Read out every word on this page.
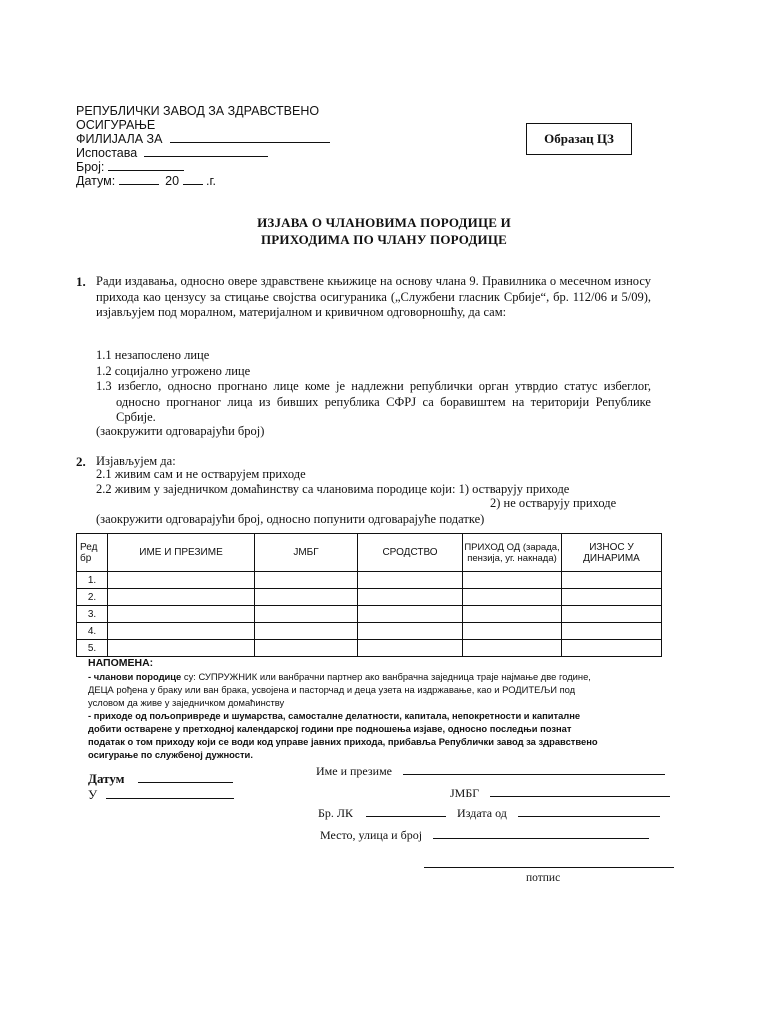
РЕПУБЛИЧКИ ЗАВОД ЗА ЗДРАВСТВЕНО
ОСИГУРАЊЕ
ФИЛИЈАЛА ЗА
Испостава
Број:
Датум:	20 .г.
Образац ЦЗ
ИЗЈАВА О ЧЛАНОВИМА ПОРОДИЦЕ И
ПРИХОДИМА ПО ЧЛАНУ ПОРОДИЦЕ
1. Ради издавања, односно овере здравствене књижице на основу члана 9. Правилника о месечном износу прихода као цензусу за стицање својства осигураника („Службени гласник Србије“, бр. 112/06 и 5/09), изјављујем под моралном, материјалном и кривичном одговорношћу, да сам:
1.1 незапослено лице
1.2 социјално угрожено лице
1.3 избегло, односно прогнано лице коме је надлежни републички орган утврдио статус избеглог, односно прогнаног лица из бивших република СФРЈ са боравиштем на територији Републике Србије.
(заокружити одговарајући број)
2. Изјављујем да:
2.1 живим сам и не остварујем приходе
2.2 живим у заједничком домаћинству са члановима породице који: 1) остварују приходе
2) не остварују приходе
(заокружити одговарајући број, односно попунити одговарајуће податке)
Ред бр	ИМЕ И ПРЕЗИМЕ	ЈМБГ	СРОДСТВО	ПРИХОД ОД (зарада, пензија, уг. накнада)	ИЗНОС У ДИНАРИМА
1.					
2.					
3.					
4.					
5.					
НАПОМЕНА:
- чланови породице су: СУПРУЖНИК или ванбрачни партнер ако ванбрачна заједница траје најмање две године,
ДЕЦА рођена у браку или ван брака, усвојена и пасторчад и деца узета на издржавање, као и РОДИТЕЉИ под
условом да живе у заједничком домаћинству
- приходе од пољопривреде и шумарства, самосталне делатности, капитала, непокретности и капиталне
добити остварене у претходној календарској години пре подношења изјаве, односно последњи познат
податак о том приходу који се води код управе јавних прихода, прибавља Републички завод за здравствено
осигурање по службеној дужности.
Датум
У
Име и презиме
ЈМБГ
Бр. ЛК	Издата од
Место, улица и број
потпис
